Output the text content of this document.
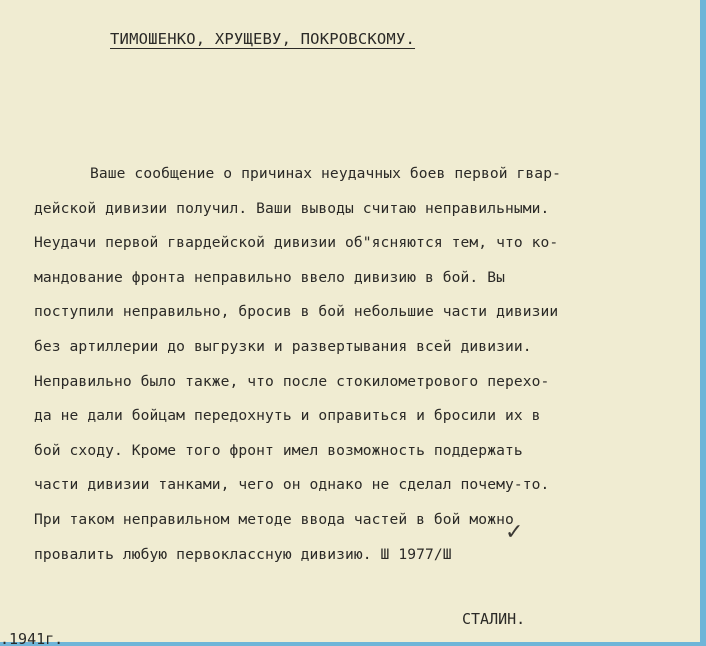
ТИМОШЕНКО, ХРУЩЕВУ, ПОКРОВСКОМУ.
Ваше сообщение о причинах неудачных боев первой гвар-
дейской дивизии получил. Ваши выводы считаю неправильными.
Неудачи первой гвардейской дивизии об"ясняются тем, что ко-
мандование фронта неправильно ввело дивизию в бой. Вы
поступили неправильно, бросив в бой небольшие части дивизии
без артиллерии до выгрузки и развертывания всей дивизии.
Неправильно было также, что после стокилометрового перехо-
да не дали бойцам передохнуть и оправиться и бросили их в
бой сходу. Кроме того фронт имел возможность поддержать
части дивизии танками, чего он однако не сделал почему-то.
При таком неправильном методе ввода частей в бой можно
провалить любую первоклассную дивизию. Ш 1977/Ш
✓
СТАЛИН.
.1941г.
